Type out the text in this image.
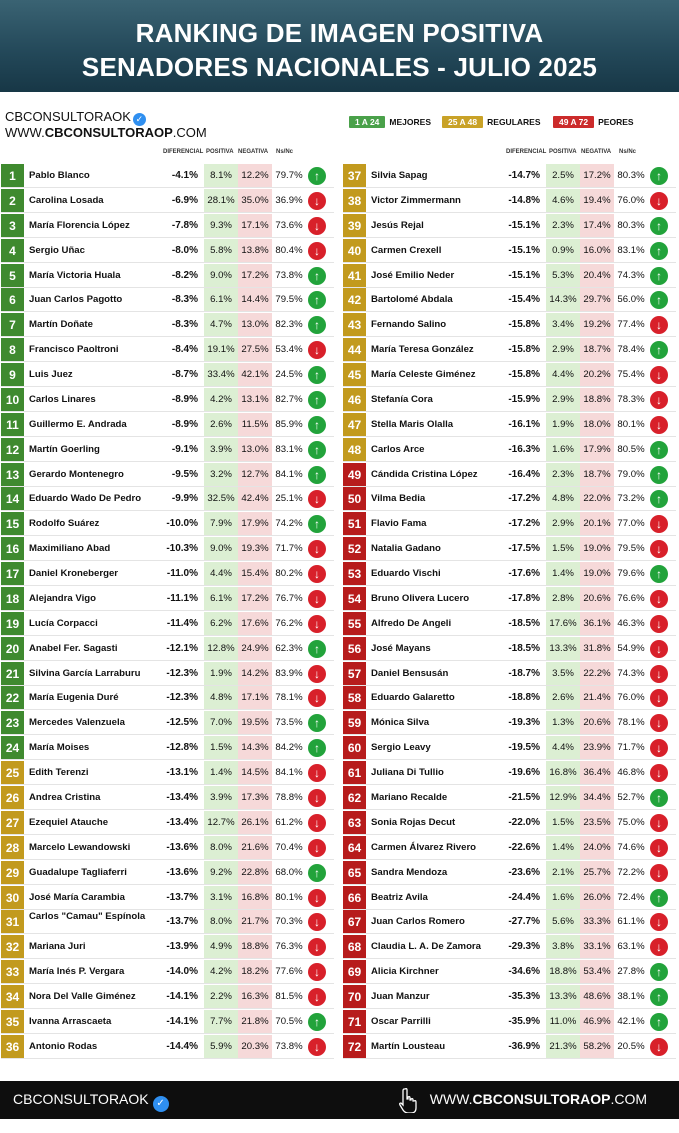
RANKING DE IMAGEN POSITIVA
SENADORES NACIONALES - JULIO 2025
CBCONSULTORAOK ✓
WWW.CBCONSULTORAOP.COM
1 A 24	MEJORES	25 A 48	REGULARES	49 A 72	PEORES
DIFERENCIAL POSITIVA NEGATIVA Ns/Nc	DIFERENCIAL POSITIVA NEGATIVA Ns/Nc
1	Pablo Blanco	-4.1%	8.1% 12.2% 79.7% ↑
2	Carolina Losada	-6.9% 28.1% 35.0% 36.9% ↓
3	María Florencia López	-7.8%	9.3% 17.1% 73.6% ↓
4	Sergio Uñac	-8.0%	5.8% 13.8% 80.4% ↓
5	María Victoria Huala	-8.2%	9.0% 17.2% 73.8% ↑
6	Juan Carlos Pagotto	-8.3%	6.1% 14.4% 79.5% ↑
7	Martín Doñate	-8.3%	4.7% 13.0% 82.3% ↑
8	Francisco Paoltroni	-8.4% 19.1% 27.5% 53.4% ↓
9	Luis Juez	-8.7% 33.4% 42.1% 24.5% ↑
10	Carlos Linares	-8.9%	4.2% 13.1% 82.7% ↑
11	Guillermo E. Andrada	-8.9%	2.6%	11.5% 85.9% ↑
12	Martín Goerling	-9.1%	3.9% 13.0% 83.1% ↑
13	Gerardo Montenegro	-9.5%	3.2% 12.7% 84.1% ↑
14	Eduardo Wado De Pedro	-9.9% 32.5% 42.4% 25.1% ↓
15	Rodolfo Suárez	-10.0%	7.9% 17.9% 74.2% ↑
16	Maximiliano Abad	-10.3%	9.0% 19.3% 71.7% ↓
17	Daniel Kroneberger	-11.0%	4.4% 15.4% 80.2% ↓
18	Alejandra Vigo	-11.1%	6.1% 17.2% 76.7% ↓
19	Lucía Corpacci	-11.4%	6.2% 17.6% 76.2% ↓
20	Anabel Fer. Sagasti	-12.1% 12.8% 24.9% 62.3% ↑
21	Silvina García Larraburu	-12.3%	1.9% 14.2% 83.9% ↓
22	María Eugenia Duré	-12.3%	4.8% 17.1% 78.1% ↓
23	Mercedes Valenzuela	-12.5%	7.0% 19.5% 73.5% ↑
24	María Moises	-12.8%	1.5% 14.3% 84.2% ↑
25	Edith Terenzi	-13.1%	1.4% 14.5% 84.1% ↓
26	Andrea Cristina	-13.4%	3.9% 17.3% 78.8% ↓
27	Ezequiel Atauche	-13.4% 12.7% 26.1% 61.2% ↓
28	Marcelo Lewandowski	-13.6%	8.0% 21.6% 70.4% ↓
29	Guadalupe Tagliaferri	-13.6%	9.2% 22.8% 68.0% ↑
30	José María Carambia	-13.7%	3.1% 16.8% 80.1% ↓
31	Carlos "Camau" Espínola	-13.7%	8.0% 21.7% 70.3% ↓
32	Mariana Juri	-13.9%	4.9% 18.8% 76.3% ↓
33	María Inés P. Vergara	-14.0%	4.2% 18.2% 77.6% ↓
34	Nora Del Valle Giménez	-14.1%	2.2% 16.3% 81.5% ↓
35	Ivanna Arrascaeta	-14.1%	7.7% 21.8% 70.5% ↑
36	Antonio Rodas	-14.4%	5.9% 20.3% 73.8% ↓
37	Silvia Sapag	-14.7%	2.5% 17.2% 80.3% ↑
38	Victor Zimmermann	-14.8%	4.6% 19.4% 76.0% ↓
39	Jesús Rejal	-15.1%	2.3% 17.4% 80.3% ↑
40	Carmen Crexell	-15.1%	0.9% 16.0% 83.1% ↑
41	José Emilio Neder	-15.1%	5.3% 20.4% 74.3% ↑
42	Bartolomé Abdala	-15.4% 14.3% 29.7% 56.0% ↑
43	Fernando Salino	-15.8%	3.4% 19.2% 77.4% ↓
44	María Teresa González	-15.8%	2.9% 18.7% 78.4% ↑
45	María Celeste Giménez	-15.8%	4.4% 20.2% 75.4% ↓
46	Stefanía Cora	-15.9%	2.9% 18.8% 78.3% ↓
47	Stella Maris Olalla	-16.1%	1.9% 18.0% 80.1% ↓
48	Carlos Arce	-16.3%	1.6% 17.9% 80.5% ↑
49	Cándida Cristina López	-16.4%	2.3% 18.7% 79.0% ↑
50	Vilma Bedia	-17.2%	4.8% 22.0% 73.2% ↑
51	Flavio Fama	-17.2%	2.9% 20.1% 77.0% ↓
52	Natalia Gadano	-17.5%	1.5% 19.0% 79.5% ↓
53	Eduardo Vischi	-17.6%	1.4% 19.0% 79.6% ↑
54	Bruno Olivera Lucero	-17.8%	2.8% 20.6% 76.6% ↓
55	Alfredo De Angeli	-18.5% 17.6% 36.1% 46.3% ↓
56	José Mayans	-18.5% 13.3% 31.8% 54.9% ↓
57	Daniel Bensusán	-18.7%	3.5% 22.2% 74.3% ↓
58	Eduardo Galaretto	-18.8%	2.6% 21.4% 76.0% ↓
59	Mónica Silva	-19.3%	1.3% 20.6% 78.1% ↓
60	Sergio Leavy	-19.5%	4.4% 23.9% 71.7% ↓
61	Juliana Di Tullio	-19.6% 16.8% 36.4% 46.8% ↓
62	Mariano Recalde	-21.5% 12.9% 34.4% 52.7% ↑
63	Sonia Rojas Decut	-22.0%	1.5% 23.5% 75.0% ↓
64	Carmen Álvarez Rivero	-22.6%	1.4% 24.0% 74.6% ↓
65	Sandra Mendoza	-23.6%	2.1% 25.7% 72.2% ↓
66	Beatriz Avila	-24.4%	1.6% 26.0% 72.4% ↑
67	Juan Carlos Romero	-27.7%	5.6% 33.3% 61.1% ↓
68	Claudia L. A. De Zamora	-29.3%	3.8% 33.1% 63.1% ↓
69	Alicia Kirchner	-34.6% 18.8% 53.4% 27.8% ↑
70	Juan Manzur	-35.3% 13.3% 48.6% 38.1% ↑
71	Oscar Parrilli	-35.9%	11.0% 46.9% 42.1% ↑
72	Martín Lousteau	-36.9% 21.3% 58.2% 20.5% ↓
CBCONSULTORAOK ✓	WWW.CBCONSULTORAOP.COM
